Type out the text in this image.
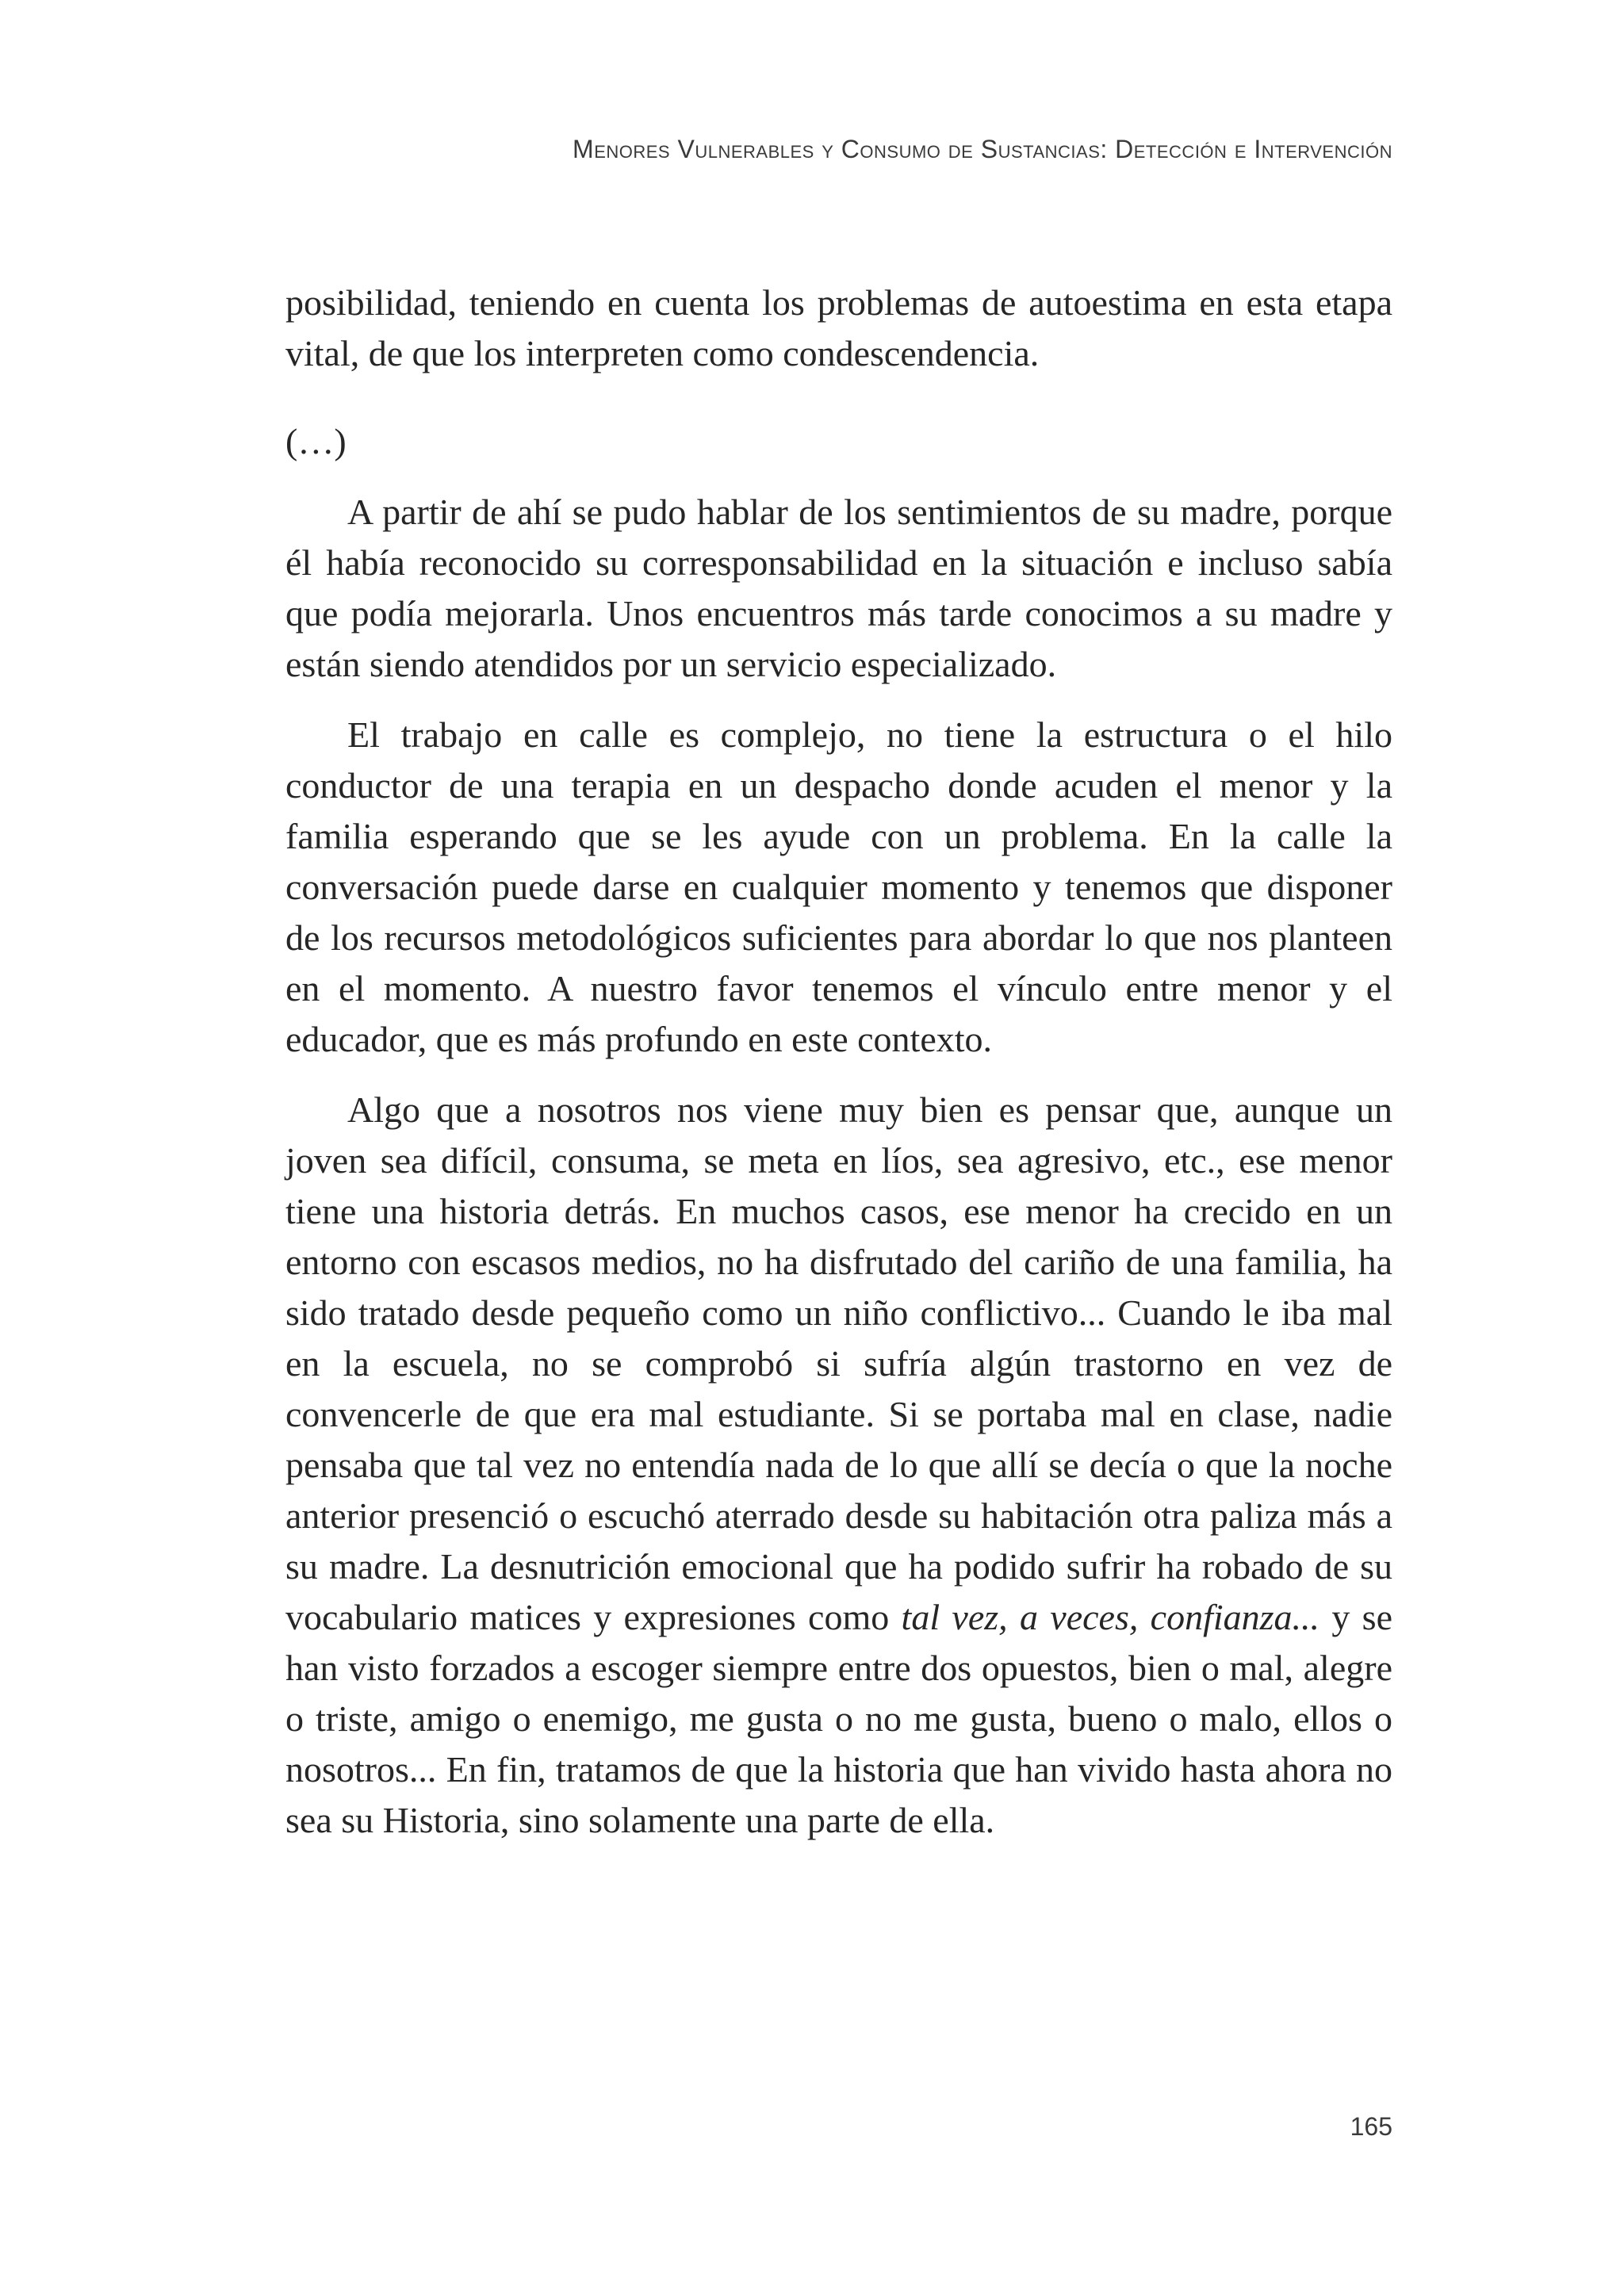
Menores Vulnerables y Consumo de Sustancias: Detección e Intervención

posibilidad, teniendo en cuenta los problemas de autoestima en esta etapa vital, de que los interpreten como condescendencia.

(…)

A partir de ahí se pudo hablar de los sentimientos de su madre, porque él había reconocido su corresponsabilidad en la situación e incluso sabía que podía mejorarla. Unos encuentros más tarde conocimos a su madre y están siendo atendidos por un servicio especializado.

El trabajo en calle es complejo, no tiene la estructura o el hilo conductor de una terapia en un despacho donde acuden el menor y la familia esperando que se les ayude con un problema. En la calle la conversación puede darse en cualquier momento y tenemos que disponer de los recursos metodológicos suficientes para abordar lo que nos planteen en el momento. A nuestro favor tenemos el vínculo entre menor y el educador, que es más profundo en este contexto.

Algo que a nosotros nos viene muy bien es pensar que, aunque un joven sea difícil, consuma, se meta en líos, sea agresivo, etc., ese menor tiene una historia detrás. En muchos casos, ese menor ha crecido en un entorno con escasos medios, no ha disfrutado del cariño de una familia, ha sido tratado desde pequeño como un niño conflictivo... Cuando le iba mal en la escuela, no se comprobó si sufría algún trastorno en vez de convencerle de que era mal estudiante. Si se portaba mal en clase, nadie pensaba que tal vez no entendía nada de lo que allí se decía o que la noche anterior presenció o escuchó aterrado desde su habitación otra paliza más a su madre. La desnutrición emocional que ha podido sufrir ha robado de su vocabulario matices y expresiones como tal vez, a veces, confianza... y se han visto forzados a escoger siempre entre dos opuestos, bien o mal, alegre o triste, amigo o enemigo, me gusta o no me gusta, bueno o malo, ellos o nosotros... En fin, tratamos de que la historia que han vivido hasta ahora no sea su Historia, sino solamente una parte de ella.

165
